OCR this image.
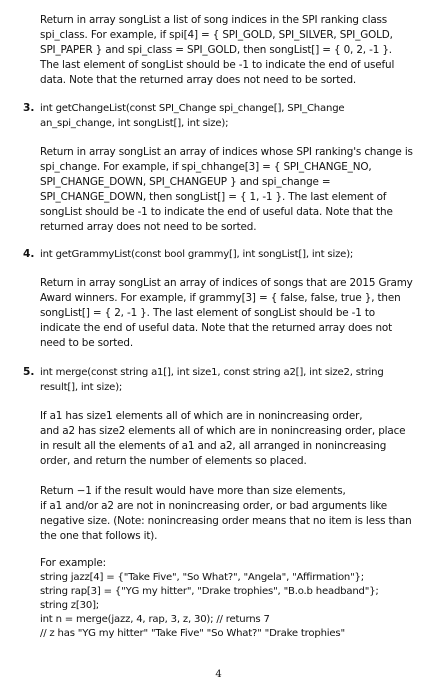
Return in array songList a list of song indices in the SPI ranking class
spi_class. For example, if spi[4] = { SPI_GOLD, SPI_SILVER, SPI_GOLD,
SPI_PAPER } and spi_class = SPI_GOLD, then songList[] = { 0, 2, -1 }.
The last element of songList should be -1 to indicate the end of useful
data. Note that the returned array does not need to be sorted.
3. int getChangeList(const SPI_Change spi_change[], SPI_Change
an_spi_change, int songList[], int size);
Return in array songList an array of indices whose SPI ranking's change is
spi_change. For example, if spi_chhange[3] = { SPI_CHANGE_NO,
SPI_CHANGE_DOWN, SPI_CHANGEUP } and spi_change =
SPI_CHANGE_DOWN, then songList[] = { 1, -1 }. The last element of
songList should be -1 to indicate the end of useful data. Note that the
returned array does not need to be sorted.
4. int getGrammyList(const bool grammy[], int songList[], int size);
Return in array songList an array of indices of songs that are 2015 Gramy
Award winners. For example, if grammy[3] = { false, false, true }, then
songList[] = { 2, -1 }. The last element of songList should be -1 to
indicate the end of useful data. Note that the returned array does not
need to be sorted.
5. int merge(const string a1[], int size1, const string a2[], int size2, string
result[], int size);
If a1 has size1 elements all of which are in nonincreasing order,
and a2 has size2 elements all of which are in nonincreasing order, place
in result all the elements of a1 and a2, all arranged in nonincreasing
order, and return the number of elements so placed.
Return −1 if the result would have more than size elements,
if a1 and/or a2 are not in nonincreasing order, or bad arguments like
negative size. (Note: nonincreasing order means that no item is less than
the one that follows it).
For example:
string jazz[4] = {"Take Five", "So What?", "Angela", "Affirmation"};
string rap[3] = {"YG my hitter", "Drake trophies", "B.o.b headband"};
string z[30];
int n = merge(jazz, 4, rap, 3, z, 30); // returns 7
// z has "YG my hitter" "Take Five" "So What?" "Drake trophies"
4
